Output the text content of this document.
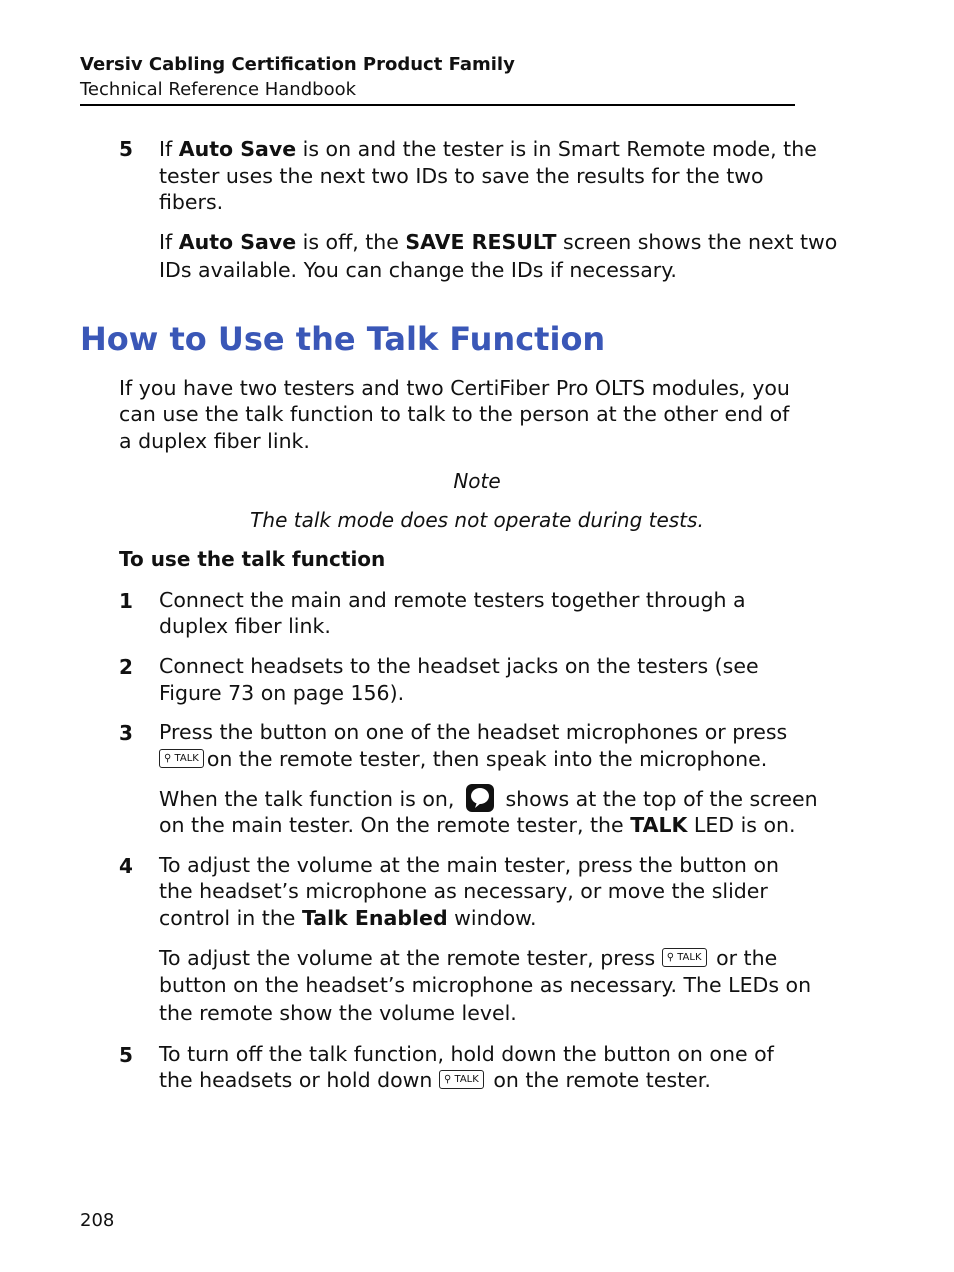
Versiv Cabling Certification Product Family
Technical Reference Handbook
5 If Auto Save is on and the tester is in Smart Remote mode, the
tester uses the next two IDs to save the results for the two
fibers.
If Auto Save is off, the SAVE RESULT screen shows the next two
IDs available. You can change the IDs if necessary.
How to Use the Talk Function
If you have two testers and two CertiFiber Pro OLTS modules, you
can use the talk function to talk to the person at the other end of
a duplex fiber link.
Note
The talk mode does not operate during tests.
To use the talk function
1 Connect the main and remote testers together through a
duplex fiber link.
2 Connect headsets to the headset jacks on the testers (see
Figure 73 on page 156).
3 Press the button on one of the headset microphones or press
⚲ TALK on the remote tester, then speak into the microphone.
When the talk function is on, shows at the top of the screen
on the main tester. On the remote tester, the TALK LED is on.
4 To adjust the volume at the main tester, press the button on
the headset’s microphone as necessary, or move the slider
control in the Talk Enabled window.
To adjust the volume at the remote tester, press ⚲ TALK or the
button on the headset’s microphone as necessary. The LEDs on
the remote show the volume level.
5 To turn off the talk function, hold down the button on one of
the headsets or hold down ⚲ TALK on the remote tester.
208
